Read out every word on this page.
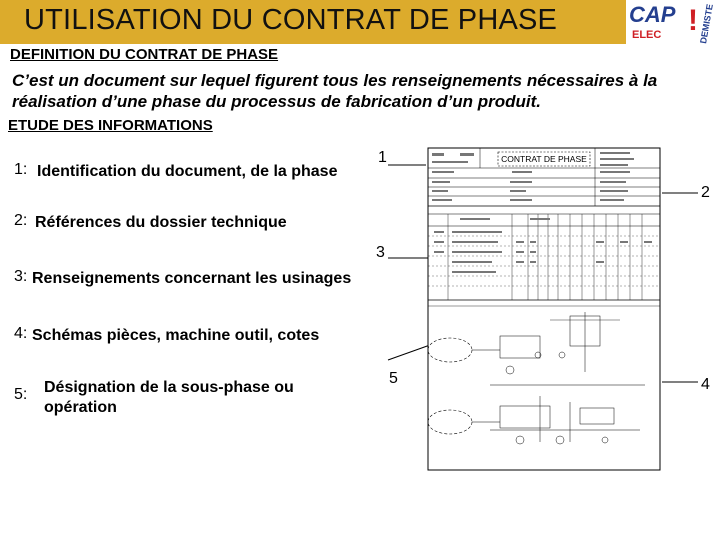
UTILISATION DU CONTRAT DE PHASE	CAP
ELEC ! DEMISTE
DEFINITION DU CONTRAT DE PHASE
C’est un document sur lequel figurent tous les renseignements nécessaires à la réalisation d’une phase du processus de fabrication d’un produit.
ETUDE DES INFORMATIONS
1: Identification du document, de la phase
2: Références du dossier technique
3: Renseignements concernant les usinages
4: Schémas pièces, machine outil, cotes
5: Désignation de la sous-phase ou opération
1
2
3
4
5
CONTRAT DE PHASE
